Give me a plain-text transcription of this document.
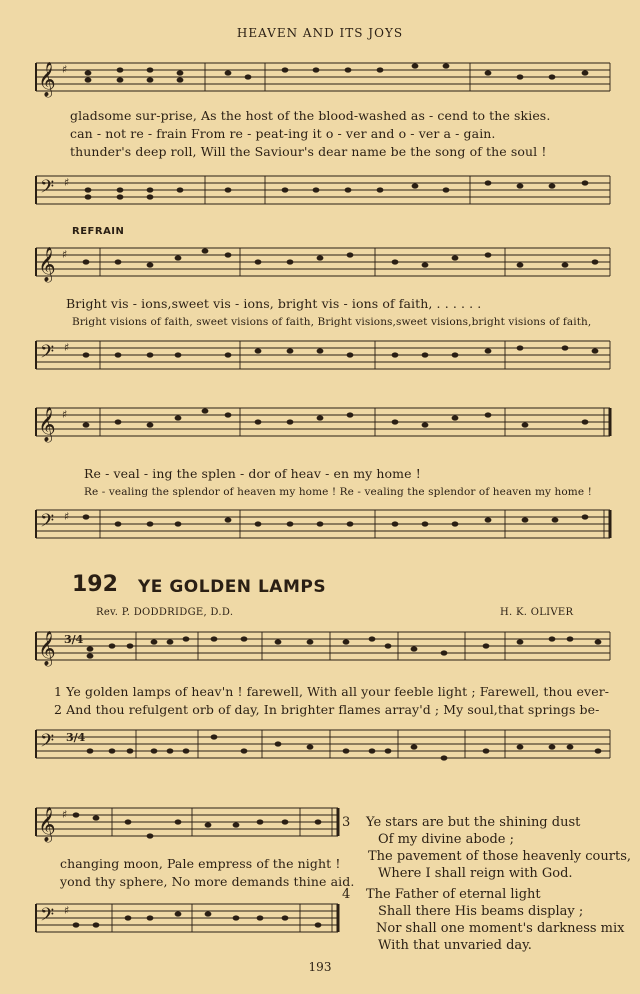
HEAVEN AND ITS JOYS
𝄞 ♯
gladsome sur-prise, As the host of the blood-washed as - cend to the skies.
can - not re - frain From re - peat-ing it o - ver and o - ver a - gain.
thunder's deep roll, Will the Saviour's dear name be the song of the soul !
𝄢 ♯
REFRAIN
𝄞 ♯
Bright vis - ions,sweet vis - ions, bright vis - ions of faith, . . . . . .
Bright visions of faith, sweet visions of faith, Bright visions,sweet visions,bright visions of faith,
𝄢 ♯
𝄞 ♯
Re - veal - ing the splen - dor of heav - en my home !
Re - vealing the splendor of heaven my home ! Re - vealing the splendor of heaven my home !
𝄢 ♯
192 YE GOLDEN LAMPS
Rev. P. DODDRIDGE, D.D.	H. K. OLIVER
𝄞 3/4
1 Ye golden lamps of heav'n ! farewell, With all your feeble light ; Farewell, thou ever-
2 And thou refulgent orb of day, In brighter flames array'd ; My soul,that springs be-
𝄢 3/4
𝄞 ♯
changing moon, Pale empress of the night !
yond thy sphere, No more demands thine aid.
𝄢 ♯
3	Ye stars are but the shining dust
Of my divine abode ;
The pavement of those heavenly courts,
Where I shall reign with God.
4	The Father of eternal light
Shall there His beams display ;
Nor shall one moment's darkness mix
With that unvaried day.
193
